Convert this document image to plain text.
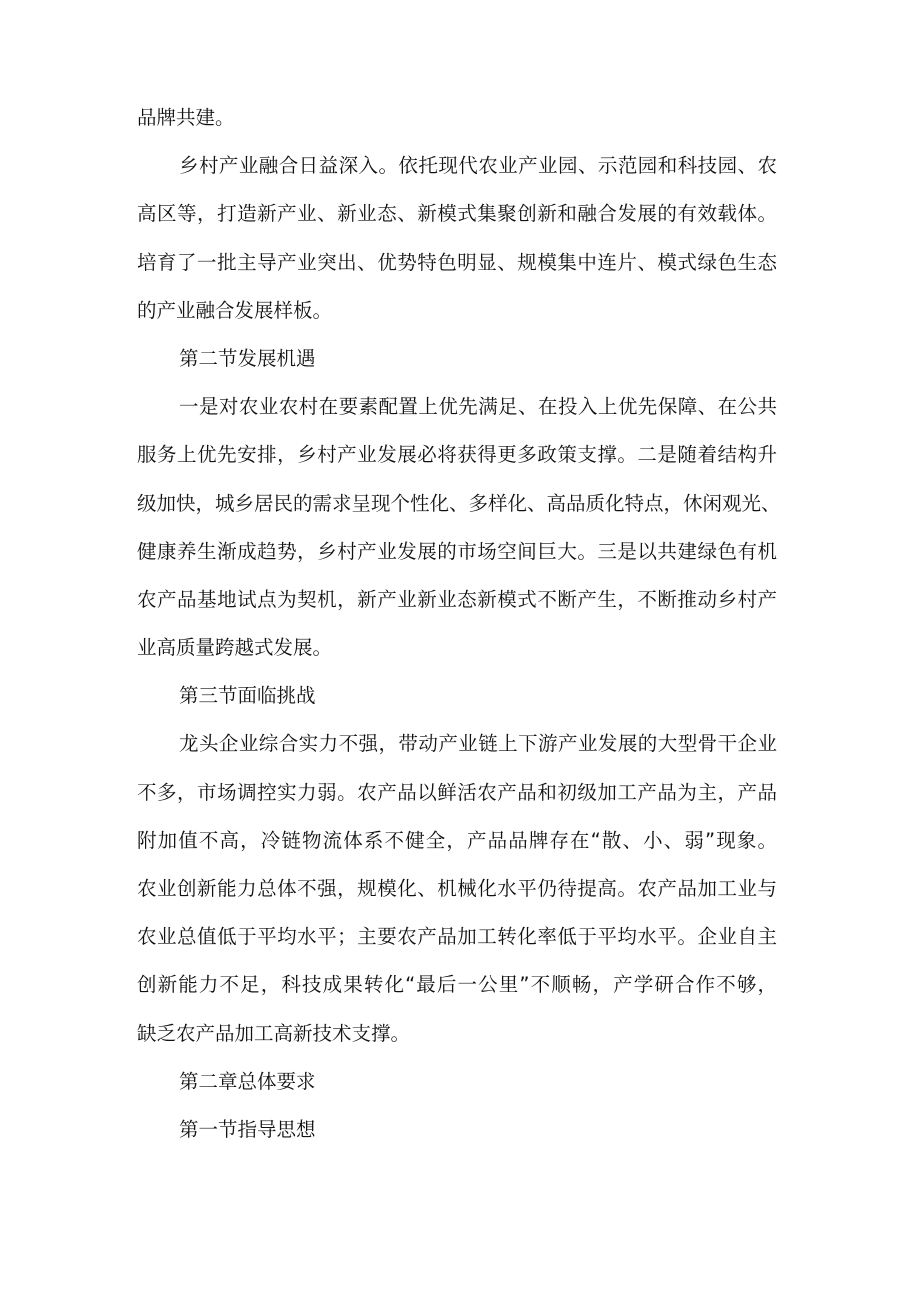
品牌共建。
乡村产业融合日益深入。依托现代农业产业园、示范园和科技园、农
高区等，打造新产业、新业态、新模式集聚创新和融合发展的有效载体。
培育了一批主导产业突出、优势特色明显、规模集中连片、模式绿色生态
的产业融合发展样板。
第二节发展机遇
一是对农业农村在要素配置上优先满足、在投入上优先保障、在公共
服务上优先安排，乡村产业发展必将获得更多政策支撑。二是随着结构升
级加快，城乡居民的需求呈现个性化、多样化、高品质化特点，休闲观光、
健康养生渐成趋势，乡村产业发展的市场空间巨大。三是以共建绿色有机
农产品基地试点为契机，新产业新业态新模式不断产生，不断推动乡村产
业高质量跨越式发展。
第三节面临挑战
龙头企业综合实力不强，带动产业链上下游产业发展的大型骨干企业
不多，市场调控实力弱。农产品以鲜活农产品和初级加工产品为主，产品
附加值不高，冷链物流体系不健全，产品品牌存在“散、小、弱”现象。
农业创新能力总体不强，规模化、机械化水平仍待提高。农产品加工业与
农业总值低于平均水平；主要农产品加工转化率低于平均水平。企业自主
创新能力不足，科技成果转化“最后一公里”不顺畅，产学研合作不够，
缺乏农产品加工高新技术支撑。
第二章总体要求
第一节指导思想
